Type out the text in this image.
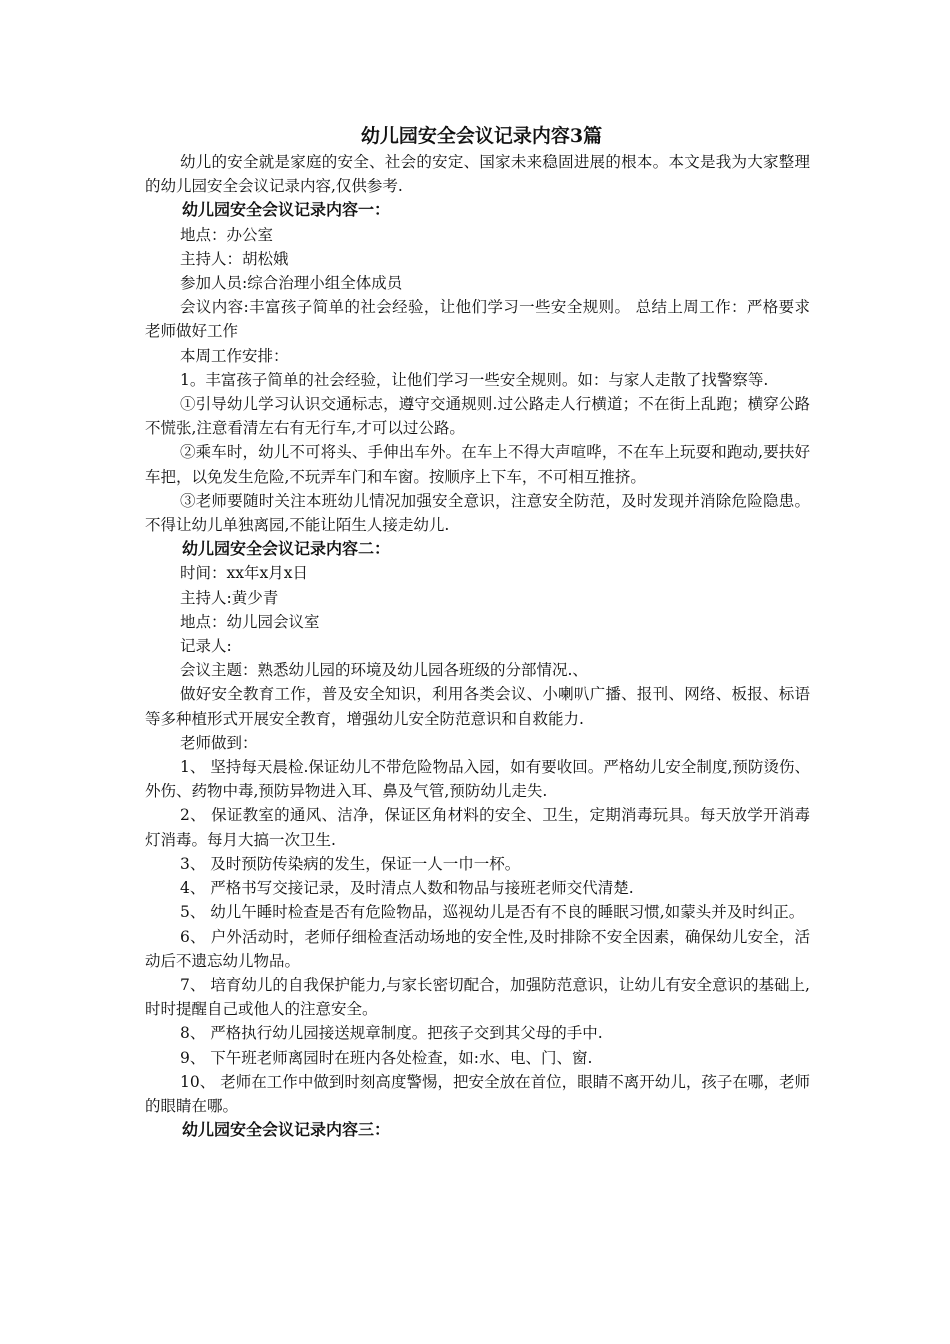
幼儿园安全会议记录内容3篇

幼儿的安全就是家庭的安全、社会的安定、国家未来稳固进展的根本。本文是我为大家整理的幼儿园安全会议记录内容,仅供参考.

幼儿园安全会议记录内容一：

地点：办公室

主持人：胡松娥

参加人员:综合治理小组全体成员

会议内容:丰富孩子简单的社会经验，让他们学习一些安全规则。 总结上周工作：严格要求老师做好工作

本周工作安排：

1。丰富孩子简单的社会经验，让他们学习一些安全规则。如：与家人走散了找警察等.

①引导幼儿学习认识交通标志，遵守交通规则.过公路走人行横道；不在街上乱跑；横穿公路不慌张,注意看清左右有无行车,才可以过公路。

②乘车时，幼儿不可将头、手伸出车外。在车上不得大声喧哗，不在车上玩耍和跑动,要扶好车把，以免发生危险,不玩弄车门和车窗。按顺序上下车，不可相互推挤。

③老师要随时关注本班幼儿情况加强安全意识，注意安全防范，及时发现并消除危险隐患。不得让幼儿单独离园,不能让陌生人接走幼儿.

幼儿园安全会议记录内容二：

时间：xx年x月x日

主持人:黄少青

地点：幼儿园会议室

记录人:

会议主题：熟悉幼儿园的环境及幼儿园各班级的分部情况.、

做好安全教育工作，普及安全知识，利用各类会议、小喇叭广播、报刊、网络、板报、标语等多种植形式开展安全教育，增强幼儿安全防范意识和自救能力.

老师做到：

1、 坚持每天晨检.保证幼儿不带危险物品入园，如有要收回。严格幼儿安全制度,预防烫伤、外伤、药物中毒,预防异物进入耳、鼻及气管,预防幼儿走失.

2、 保证教室的通风、洁净，保证区角材料的安全、卫生，定期消毒玩具。每天放学开消毒灯消毒。每月大搞一次卫生.

3、 及时预防传染病的发生，保证一人一巾一杯。

4、 严格书写交接记录，及时清点人数和物品与接班老师交代清楚.

5、 幼儿午睡时检查是否有危险物品，巡视幼儿是否有不良的睡眠习惯,如蒙头并及时纠正。

6、 户外活动时，老师仔细检查活动场地的安全性,及时排除不安全因素，确保幼儿安全，活动后不遗忘幼儿物品。

7、 培育幼儿的自我保护能力,与家长密切配合，加强防范意识，让幼儿有安全意识的基础上,时时提醒自己或他人的注意安全。

8、 严格执行幼儿园接送规章制度。把孩子交到其父母的手中.

9、 下午班老师离园时在班内各处检查，如:水、电、门、窗.

10、 老师在工作中做到时刻高度警惕，把安全放在首位，眼睛不离开幼儿，孩子在哪，老师的眼睛在哪。

幼儿园安全会议记录内容三：
